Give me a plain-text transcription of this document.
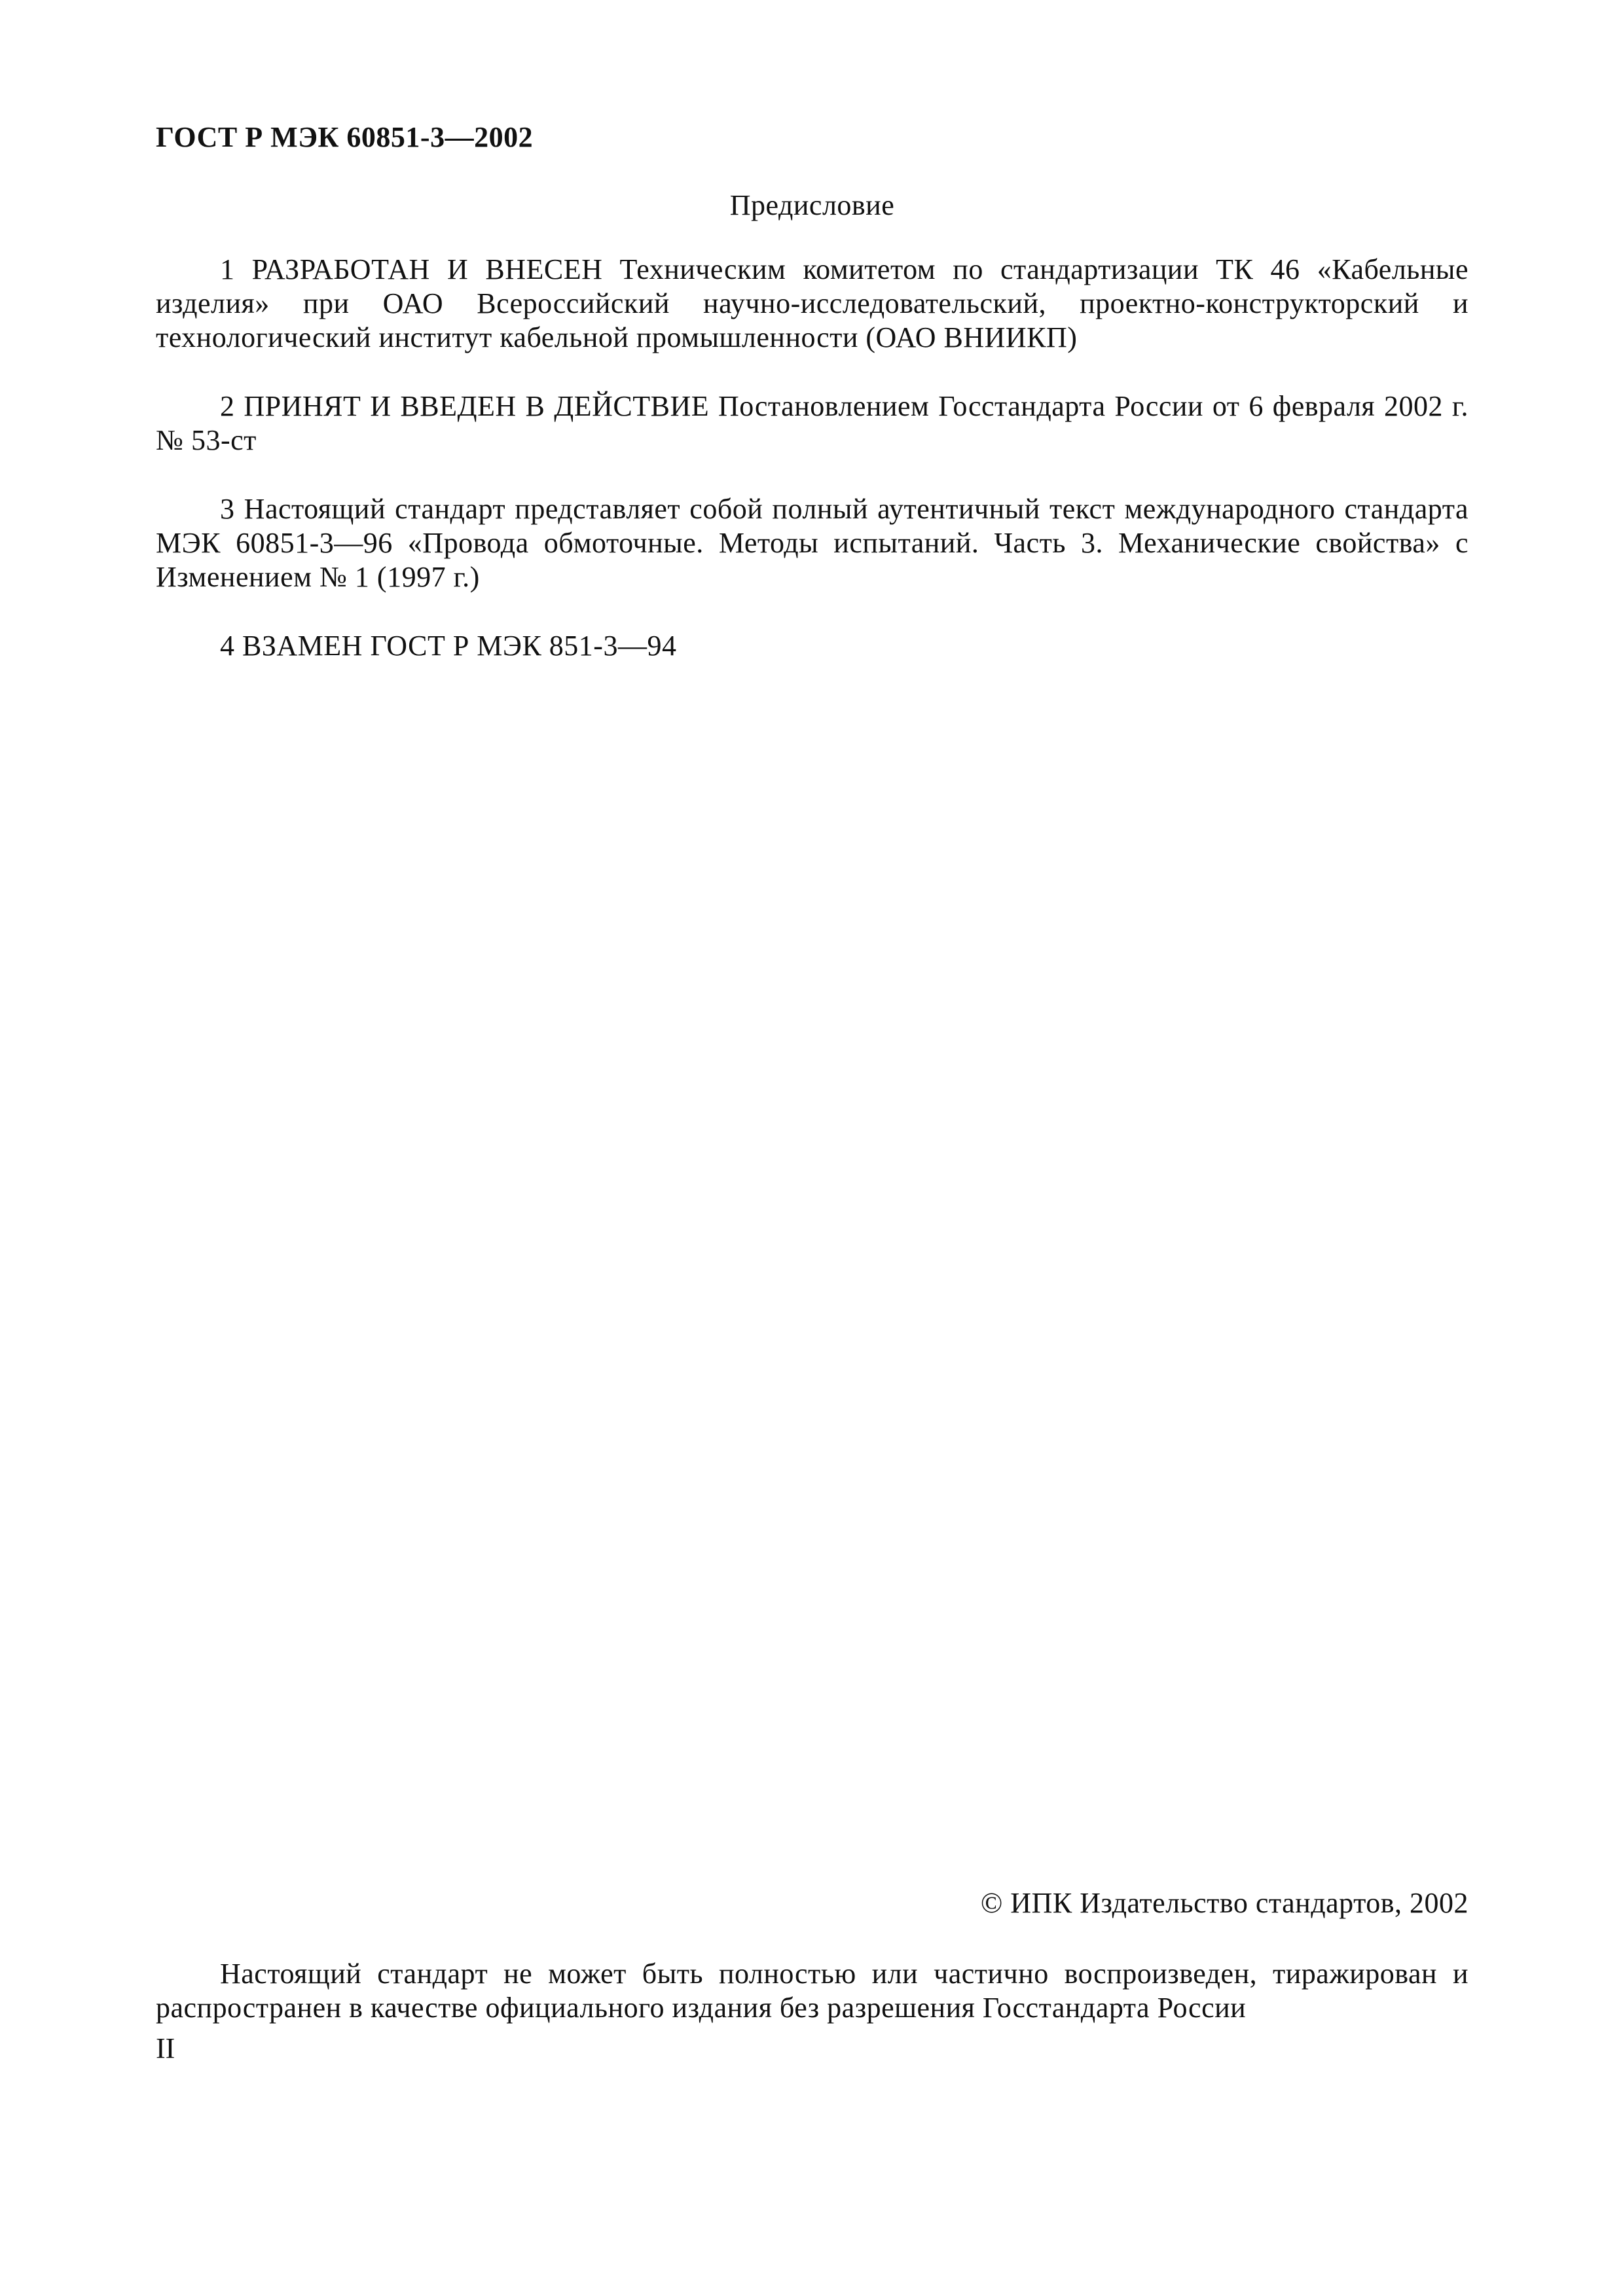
ГОСТ Р МЭК 60851-3—2002
Предисловие

1 РАЗРАБОТАН И ВНЕСЕН Техническим комитетом по стандартизации ТК 46 «Кабельные изделия» при ОАО Всероссийский научно-исследовательский, проектно-конструкторский и технологический институт кабельной промышленности (ОАО ВНИИКП)

2 ПРИНЯТ И ВВЕДЕН В ДЕЙСТВИЕ Постановлением Госстандарта России от 6 февраля 2002 г. № 53-ст

3 Настоящий стандарт представляет собой полный аутентичный текст международного стандарта МЭК 60851-3—96 «Провода обмоточные. Методы испытаний. Часть 3. Механические свойства» с Изменением № 1 (1997 г.)

4 ВЗАМЕН ГОСТ Р МЭК 851-3—94

© ИПК Издательство стандартов, 2002

Настоящий стандарт не может быть полностью или частично воспроизведен, тиражирован и распространен в качестве официального издания без разрешения Госстандарта России

II
